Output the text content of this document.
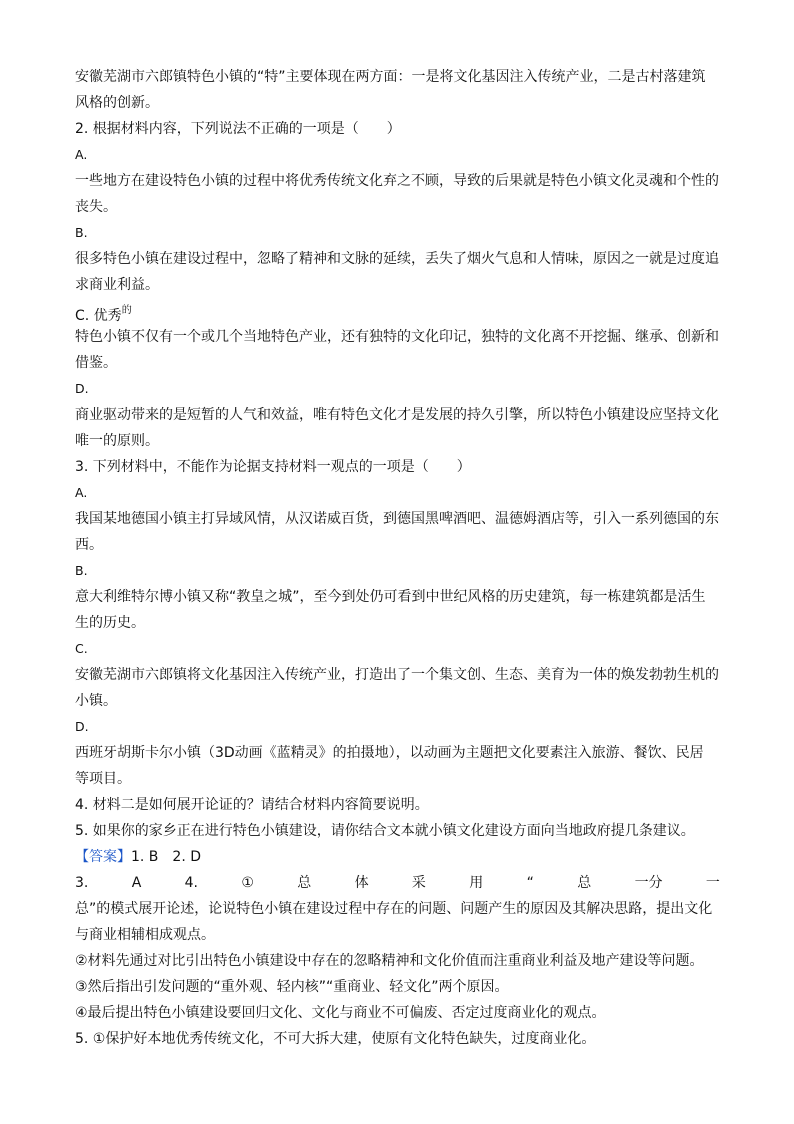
安徽芜湖市六郎镇特色小镇的“特”主要体现在两方面：一是将文化基因注入传统产业，二是古村落建筑
风格的创新。
2. 根据材料内容，下列说法不正确的一项是（　　）
A.
一些地方在建设特色小镇的过程中将优秀传统文化弃之不顾，导致的后果就是特色小镇文化灵魂和个性的
丧失。
B.
很多特色小镇在建设过程中，忽略了精神和文脉的延续，丢失了烟火气息和人情味，原因之一就是过度追
求商业利益。
C. 优秀$^的$
特色小镇不仅有一个或几个当地特色产业，还有独特的文化印记，独特的文化离不开挖掘、继承、创新和
借鉴。
D.
商业驱动带来的是短暂的人气和效益，唯有特色文化才是发展的持久引擎，所以特色小镇建设应坚持文化
唯一的原则。
3. 下列材料中，不能作为论据支持材料一观点的一项是（　　）
A.
我国某地德国小镇主打异域风情，从汉诺威百货，到德国黑啤酒吧、温德姆酒店等，引入一系列德国的东
西。
B.
意大利维特尔博小镇又称“教皇之城”，至今到处仍可看到中世纪风格的历史建筑，每一栋建筑都是活生
生的历史。
C.
安徽芜湖市六郎镇将文化基因注入传统产业，打造出了一个集文创、生态、美育为一体的焕发勃勃生机的
小镇。
D.
西班牙胡斯卡尔小镇（3D动画《蓝精灵》的拍摄地），以动画为主题把文化要素注入旅游、餐饮、民居
等项目。
4. 材料二是如何展开论证的？请结合材料内容简要说明。
5. 如果你的家乡正在进行特色小镇建设，请你结合文本就小镇文化建设方面向当地政府提几条建议。
【答案】1. B　2. D
3.	A	4.	①	总	体	采	用	“	总	一分	一
总”的模式展开论述，论说特色小镇在建设过程中存在的问题、问题产生的原因及其解决思路，提出文化
与商业相辅相成观点。
②材料先通过对比引出特色小镇建设中存在的忽略精神和文化价值而注重商业利益及地产建设等问题。
③然后指出引发问题的“重外观、轻内核”“重商业、轻文化”两个原因。
④最后提出特色小镇建设要回归文化、文化与商业不可偏废、否定过度商业化的观点。
5. ①保护好本地优秀传统文化，不可大拆大建，使原有文化特色缺失，过度商业化。
